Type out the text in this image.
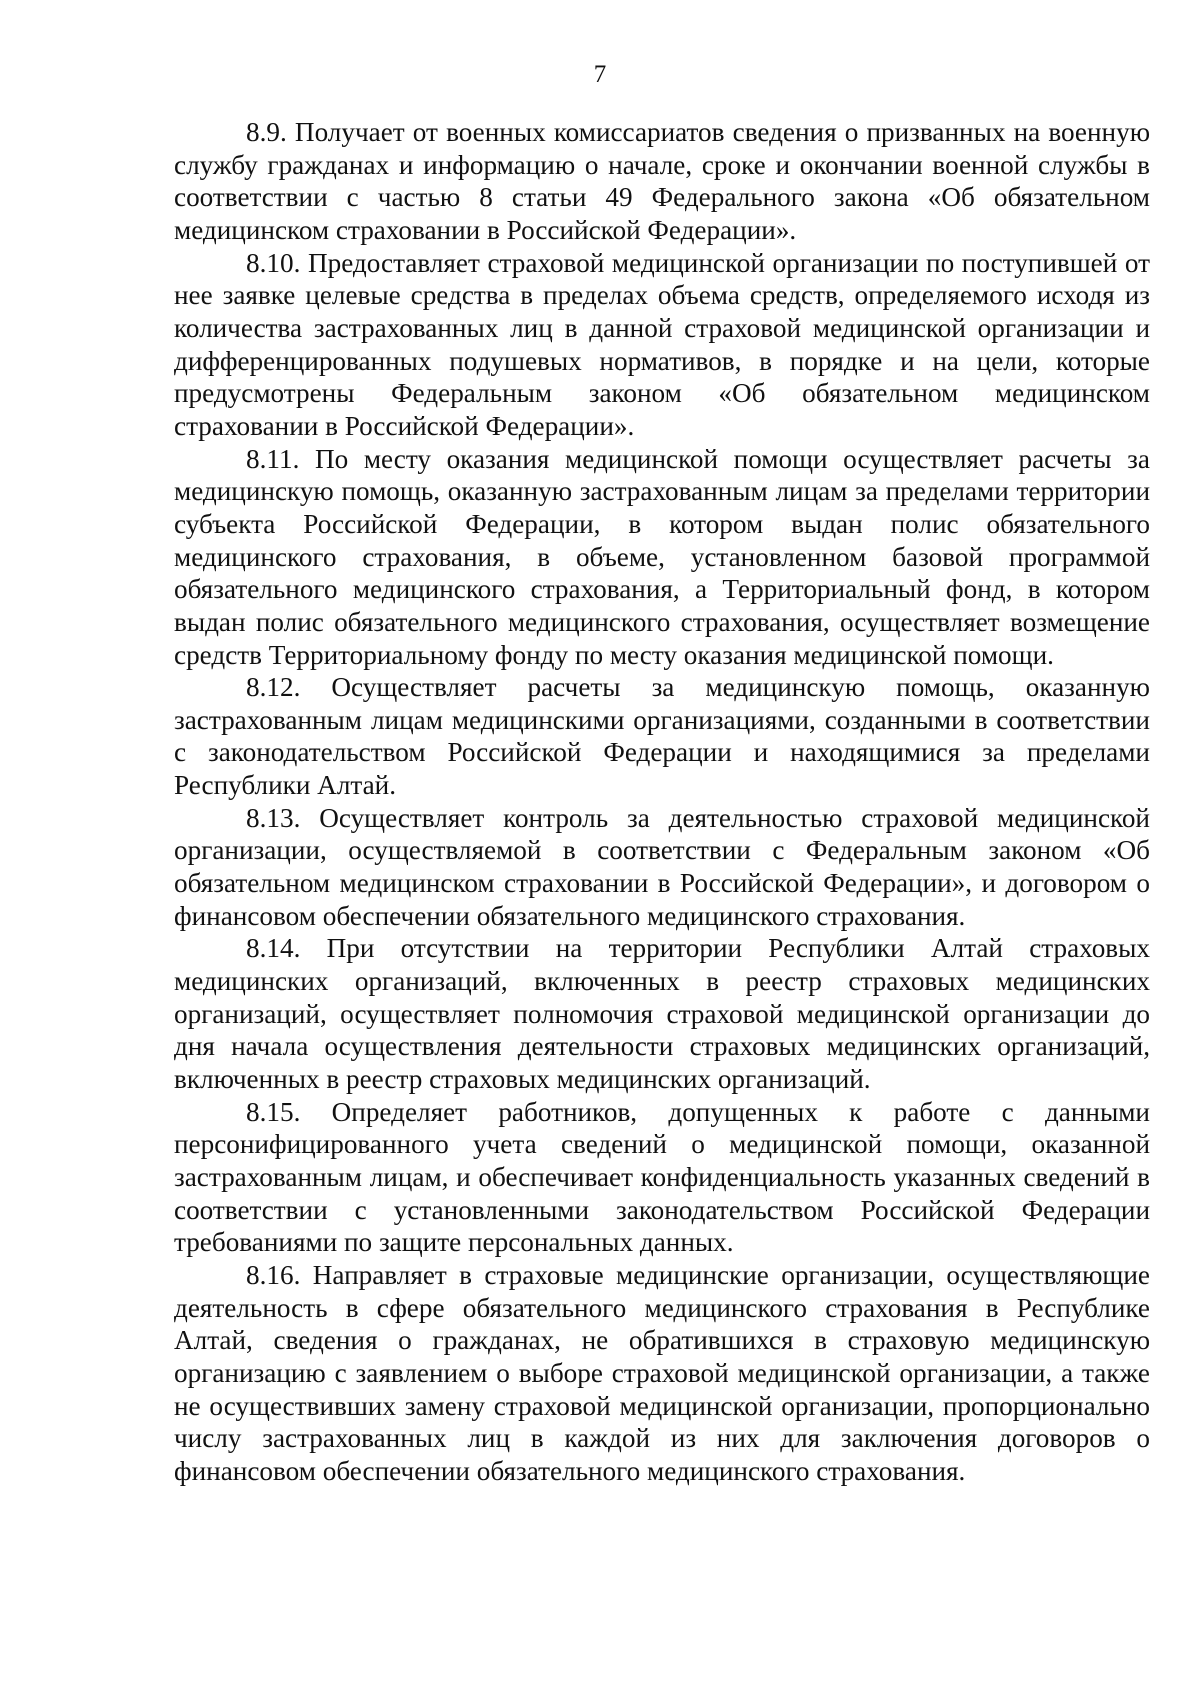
7

8.9. Получает от военных комиссариатов сведения о призванных на военную службу гражданах и информацию о начале, сроке и окончании военной службы в соответствии с частью 8 статьи 49 Федерального закона «Об обязательном медицинском страховании в Российской Федерации».

8.10. Предоставляет страховой медицинской организации по поступившей от нее заявке целевые средства в пределах объема средств, определяемого исходя из количества застрахованных лиц в данной страховой медицинской организации и дифференцированных подушевых нормативов, в порядке и на цели, которые предусмотрены Федеральным законом «Об обязательном медицинском страховании в Российской Федерации».

8.11. По месту оказания медицинской помощи осуществляет расчеты за медицинскую помощь, оказанную застрахованным лицам за пределами территории субъекта Российской Федерации, в котором выдан полис обязательного медицинского страхования, в объеме, установленном базовой программой обязательного медицинского страхования, а Территориальный фонд, в котором выдан полис обязательного медицинского страхования, осуществляет возмещение средств Территориальному фонду по месту оказания медицинской помощи.

8.12. Осуществляет расчеты за медицинскую помощь, оказанную застрахованным лицам медицинскими организациями, созданными в соответствии с законодательством Российской Федерации и находящимися за пределами Республики Алтай.

8.13. Осуществляет контроль за деятельностью страховой медицинской организации, осуществляемой в соответствии с Федеральным законом «Об обязательном медицинском страховании в Российской Федерации», и договором о финансовом обеспечении обязательного медицинского страхования.

8.14. При отсутствии на территории Республики Алтай страховых медицинских организаций, включенных в реестр страховых медицинских организаций, осуществляет полномочия страховой медицинской организации до дня начала осуществления деятельности страховых медицинских организаций, включенных в реестр страховых медицинских организаций.

8.15. Определяет работников, допущенных к работе с данными персонифицированного учета сведений о медицинской помощи, оказанной застрахованным лицам, и обеспечивает конфиденциальность указанных сведений в соответствии с установленными законодательством Российской Федерации требованиями по защите персональных данных.

8.16. Направляет в страховые медицинские организации, осуществляющие деятельность в сфере обязательного медицинского страхования в Республике Алтай, сведения о гражданах, не обратившихся в страховую медицинскую организацию с заявлением о выборе страховой медицинской организации, а также не осуществивших замену страховой медицинской организации, пропорционально числу застрахованных лиц в каждой из них для заключения договоров о финансовом обеспечении обязательного медицинского страхования.
